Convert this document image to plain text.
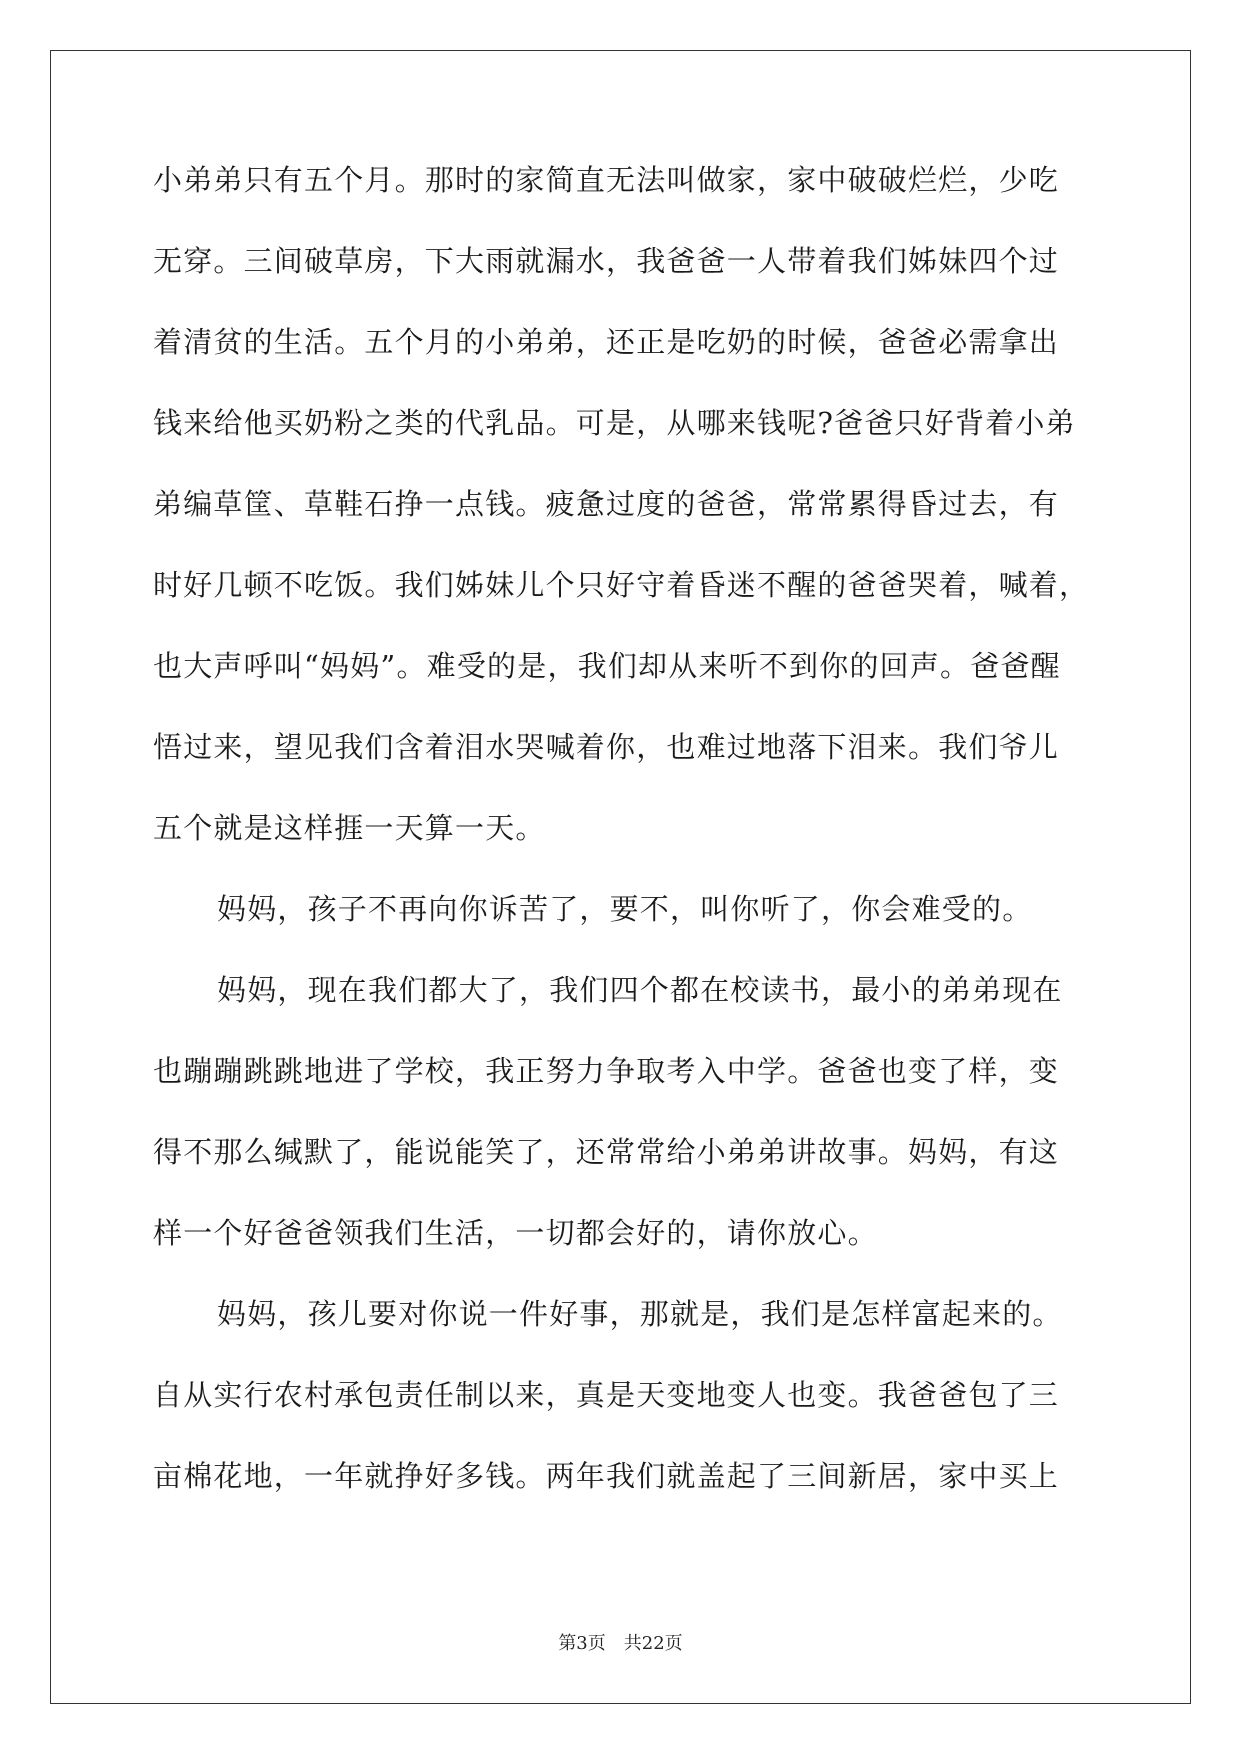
小弟弟只有五个月。那时的家简直无法叫做家，家中破破烂烂，少吃
无穿。三间破草房，下大雨就漏水，我爸爸一人带着我们姊妹四个过
着清贫的生活。五个月的小弟弟，还正是吃奶的时候，爸爸必需拿出
钱来给他买奶粉之类的代乳品。可是，从哪来钱呢?爸爸只好背着小弟
弟编草筐、草鞋石挣一点钱。疲惫过度的爸爸，常常累得昏过去，有
时好几顿不吃饭。我们姊妹儿个只好守着昏迷不醒的爸爸哭着，喊着，
也大声呼叫“妈妈”。难受的是，我们却从来听不到你的回声。爸爸醒
悟过来，望见我们含着泪水哭喊着你，也难过地落下泪来。我们爷儿
五个就是这样捱一天算一天。
妈妈，孩子不再向你诉苦了，要不，叫你听了，你会难受的。
妈妈，现在我们都大了，我们四个都在校读书，最小的弟弟现在
也蹦蹦跳跳地进了学校，我正努力争取考入中学。爸爸也变了样，变
得不那么缄默了，能说能笑了，还常常给小弟弟讲故事。妈妈，有这
样一个好爸爸领我们生活，一切都会好的，请你放心。
妈妈，孩儿要对你说一件好事，那就是，我们是怎样富起来的。
自从实行农村承包责任制以来，真是天变地变人也变。我爸爸包了三
亩棉花地，一年就挣好多钱。两年我们就盖起了三间新居，家中买上
第3页 共22页
